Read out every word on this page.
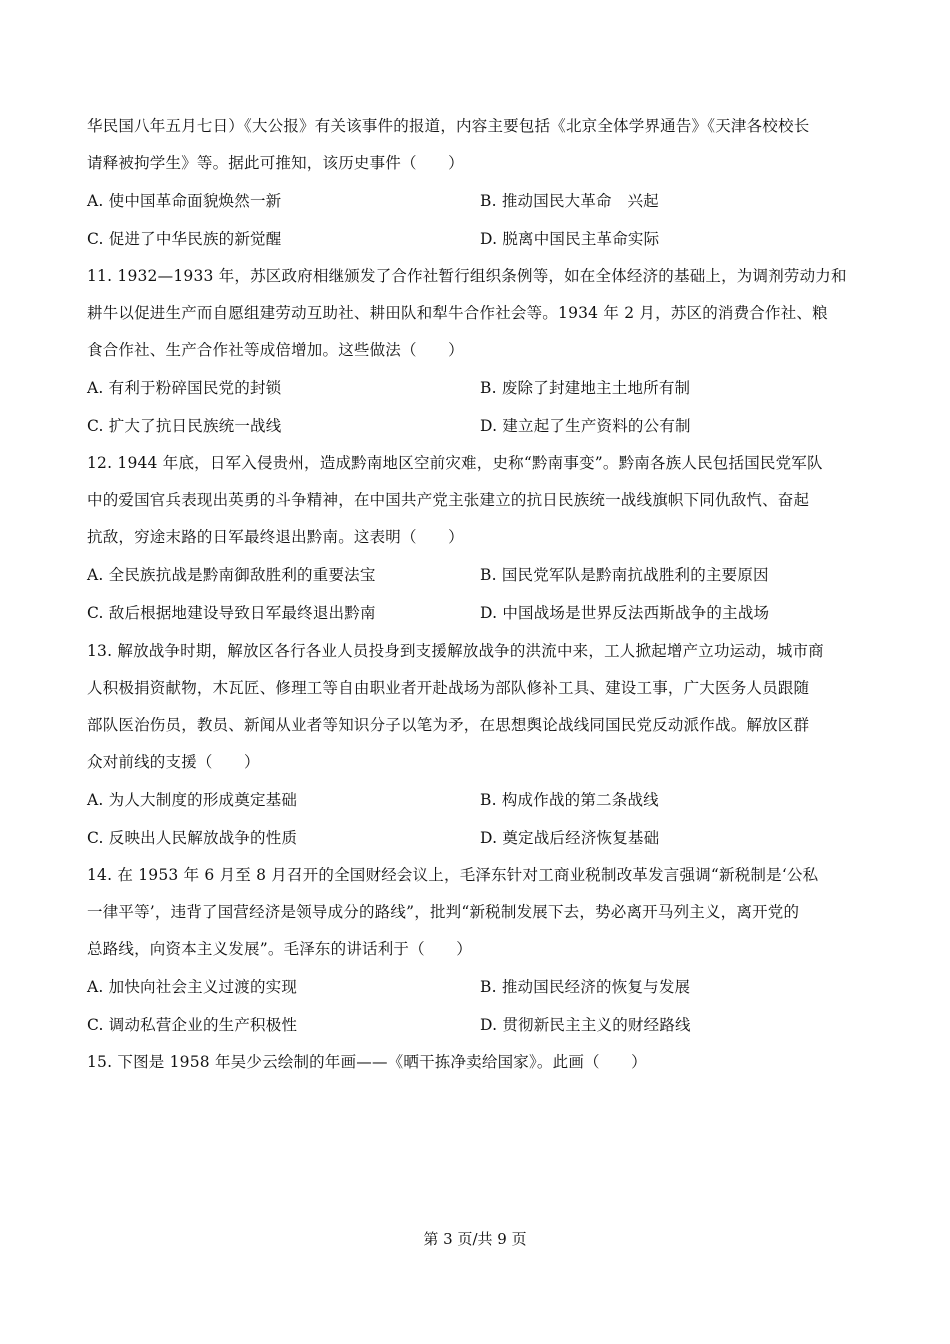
华民国八年五月七日）《大公报》有关该事件的报道，内容主要包括《北京全体学界通告》《天津各校校长
请释被拘学生》等。据此可推知，该历史事件（　　）
A. 使中国革命面貌焕然一新	B. 推动国民大革命　兴起
C. 促进了中华民族的新觉醒	D. 脱离中国民主革命实际
11. 1932—1933 年，苏区政府相继颁发了合作社暂行组织条例等，如在全体经济的基础上，为调剂劳动力和
耕牛以促进生产而自愿组建劳动互助社、耕田队和犁牛合作社会等。1934 年 2 月，苏区的消费合作社、粮
食合作社、生产合作社等成倍增加。这些做法（　　）
A. 有利于粉碎国民党的封锁	B. 废除了封建地主土地所有制
C. 扩大了抗日民族统一战线	D. 建立起了生产资料的公有制
12. 1944 年底，日军入侵贵州，造成黔南地区空前灾难，史称“黔南事变”。黔南各族人民包括国民党军队
中的爱国官兵表现出英勇的斗争精神，在中国共产党主张建立的抗日民族统一战线旗帜下同仇敌忾、奋起
抗敌，穷途末路的日军最终退出黔南。这表明（　　）
A. 全民族抗战是黔南御敌胜利的重要法宝	B. 国民党军队是黔南抗战胜利的主要原因
C. 敌后根据地建设导致日军最终退出黔南	D. 中国战场是世界反法西斯战争的主战场
13. 解放战争时期，解放区各行各业人员投身到支援解放战争的洪流中来，工人掀起增产立功运动，城市商
人积极捐资献物，木瓦匠、修理工等自由职业者开赴战场为部队修补工具、建设工事，广大医务人员跟随
部队医治伤员，教员、新闻从业者等知识分子以笔为矛，在思想舆论战线同国民党反动派作战。解放区群
众对前线的支援（　　）
A. 为人大制度的形成奠定基础	B. 构成作战的第二条战线
C. 反映出人民解放战争的性质	D. 奠定战后经济恢复基础
14. 在 1953 年 6 月至 8 月召开的全国财经会议上，毛泽东针对工商业税制改革发言强调“新税制是‘公私
一律平等’，违背了国营经济是领导成分的路线”，批判“新税制发展下去，势必离开马列主义，离开党的
总路线，向资本主义发展”。毛泽东的讲话利于（　　）
A. 加快向社会主义过渡的实现	B. 推动国民经济的恢复与发展
C. 调动私营企业的生产积极性	D. 贯彻新民主主义的财经路线
15. 下图是 1958 年吴少云绘制的年画——《晒干拣净卖给国家》。此画（　　）
第 3 页/共 9 页
